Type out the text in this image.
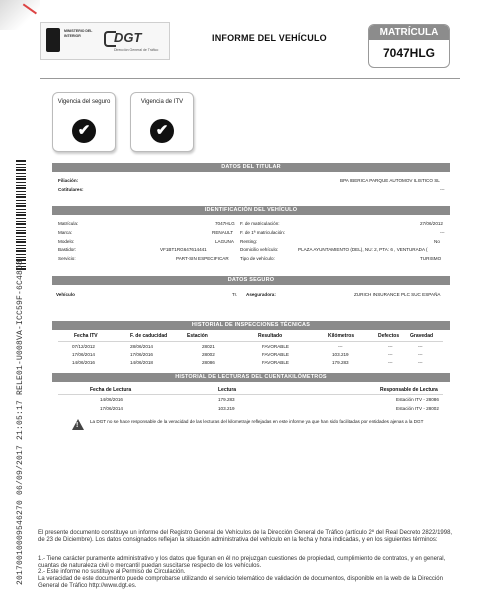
20170010009546270 06/09/2017 21:05:17 RELE01-U008VA-ICC59F-6C48D8
MINISTERIO DEL INTERIOR	DGT
Dirección General de Tráfico
INFORME DEL VEHÍCULO	MATRÍCULA
7047HLG
Vigencia del seguro
✔
Vigencia de ITV
✔
DATOS DEL TITULAR
Filiación:	BPA IBERICA PARQUE AUTOMOV ILISTICO SL
Cotitulares:	---
IDENTIFICACIÓN DEL VEHÍCULO
Matrícula:	7047HLG
Marca:	RENAULT
Modelo:	LAGUNA
Bastidor:	VF1BT1RG647614441
Servicio:	PART-SIN ESPECIFICAR
F. de matriculación:	27/06/2012
F. de 1ª matriculación:	---
Renting:	No
Domicilio vehículo:	PLAZA AYUNTAMIENTO (DEL), NU: 2, PTA: 6 , VENTURADA (
Tipo de vehículo:	TURISMO
DATOS SEGURO
Vehículo	Tr. Aseguradora:	ZURICH INSURANCE PLC SUC ESPAÑA
HISTORIAL DE INSPECCIONES TÉCNICAS
Fecha ITV	F. de caducidad	Estación	Resultado	Kilómetros	Defectos Gravedad
07/12/2012	28/06/2014	28021	FAVORABLE	---	---	---
17/06/2014	17/06/2016	28002	FAVORABLE	103.219	---	---
14/06/2016	14/06/2018	28086	FAVORABLE	179.283	---	---
HISTORIAL DE LECTURAS DEL CUENTAKILÓMETROS
Fecha de Lectura	Lectura	Responsable de Lectura
14/06/2016	179.283	Estación ITV - 28086
17/06/2014	103.219	Estación ITV - 28002
!
La DGT no se hace responsable de la veracidad de las lecturas del kilometraje reflejadas en este informe ya que han sido facilitadas por entidades ajenas a la DGT
El presente documento constituye un informe del Registro General de Vehículos de la Dirección General de Tráfico (artículo 2º del Real Decreto 2822/1998, de 23 de Diciembre). Los datos consignados reflejan la situación administrativa del vehículo en la fecha y hora indicadas, y en los siguientes términos:
1.- Tiene carácter puramente administrativo y los datos que figuran en él no prejuzgan cuestiones de propiedad, cumplimiento de contratos, y en general, cuantas de naturaleza civil o mercantil puedan suscitarse respecto de los vehículos.
2.- Este informe no sustituye al Permiso de Circulación.
La veracidad de este documento puede comprobarse utilizando el servicio telemático de validación de documentos, disponible en la web de la Dirección General de Tráfico http://www.dgt.es.
